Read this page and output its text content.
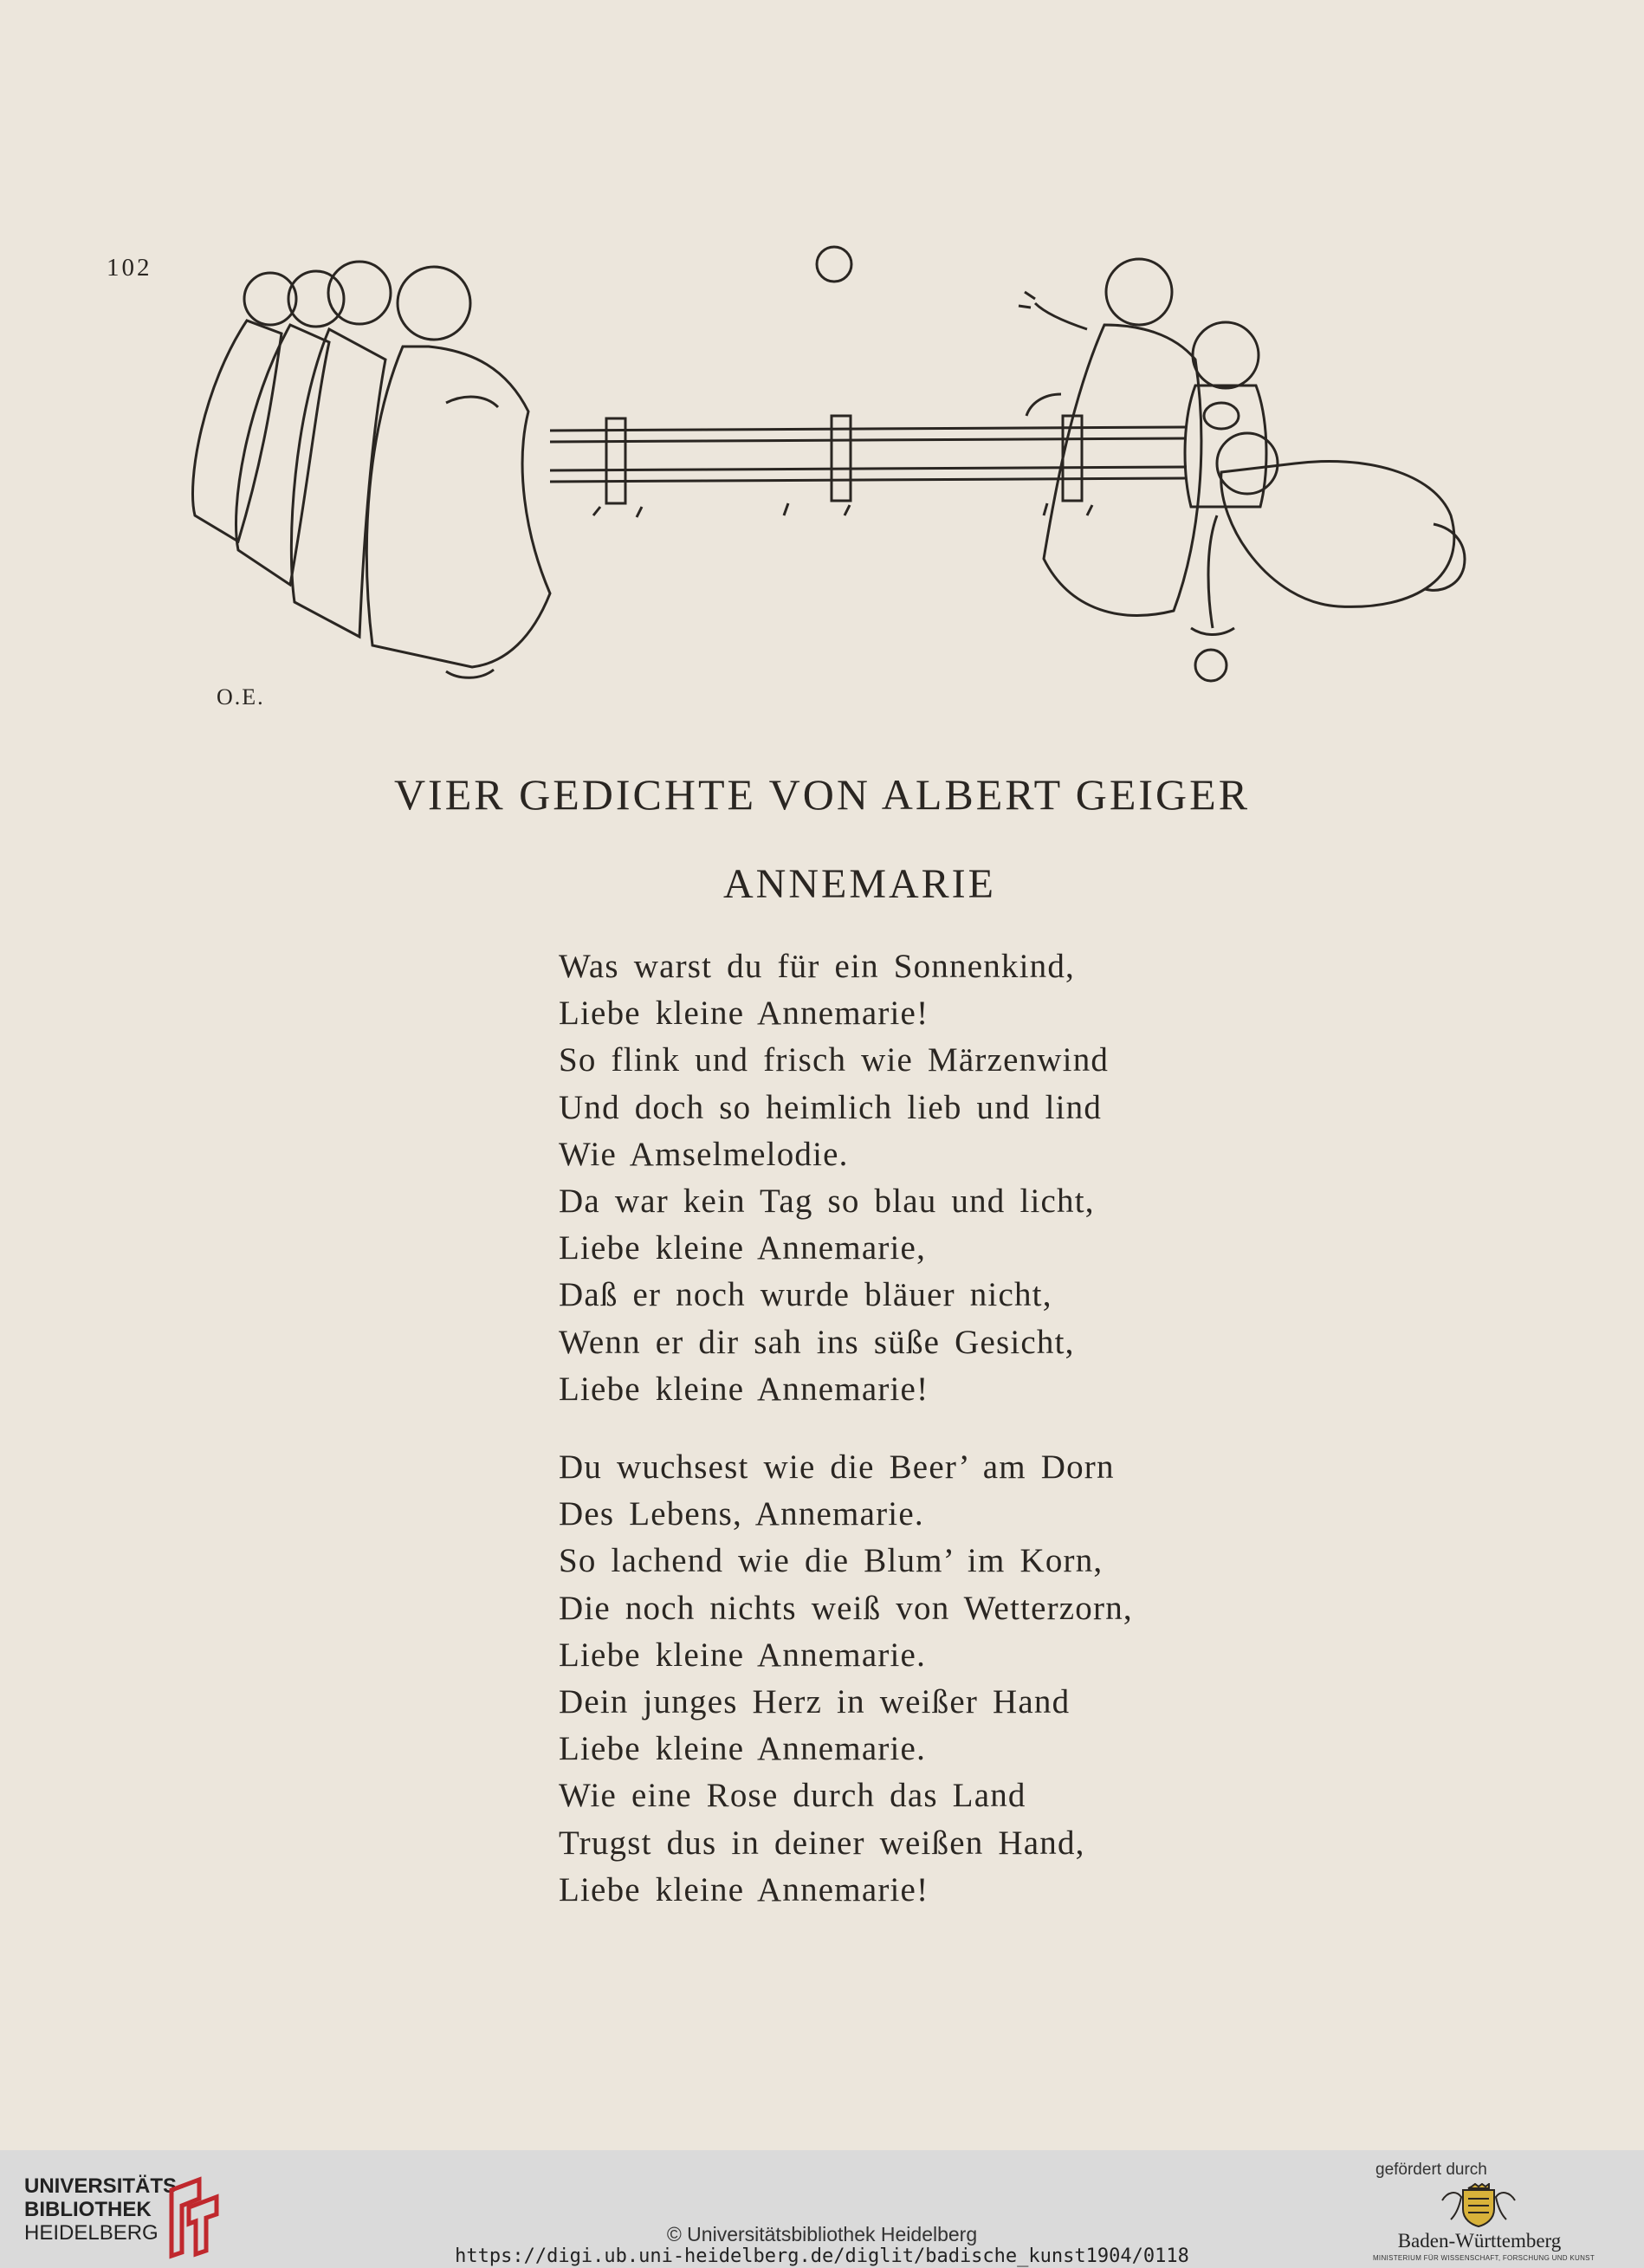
102
O.E.
VIER GEDICHTE VON ALBERT GEIGER
ANNEMARIE
Was warst du für ein Sonnenkind,
Liebe kleine Annemarie!
So flink und frisch wie Märzenwind
Und doch so heimlich lieb und lind
Wie Amselmelodie.
Da war kein Tag so blau und licht,
Liebe kleine Annemarie,
Daß er noch wurde bläuer nicht,
Wenn er dir sah ins süße Gesicht,
Liebe kleine Annemarie!
Du wuchsest wie die Beer’ am Dorn
Des Lebens, Annemarie.
So lachend wie die Blum’ im Korn,
Die noch nichts weiß von Wetterzorn,
Liebe kleine Annemarie.
Dein junges Herz in weißer Hand
Liebe kleine Annemarie.
Wie eine Rose durch das Land
Trugst dus in deiner weißen Hand,
Liebe kleine Annemarie!
UNIVERSITÄTS-
BIBLIOTHEK
HEIDELBERG	© Universitätsbibliothek Heidelberg
https://digi.ub.uni-heidelberg.de/diglit/badische_kunst1904/0118
gefördert durch
Baden-Württemberg
MINISTERIUM FÜR WISSENSCHAFT, FORSCHUNG UND KUNST
